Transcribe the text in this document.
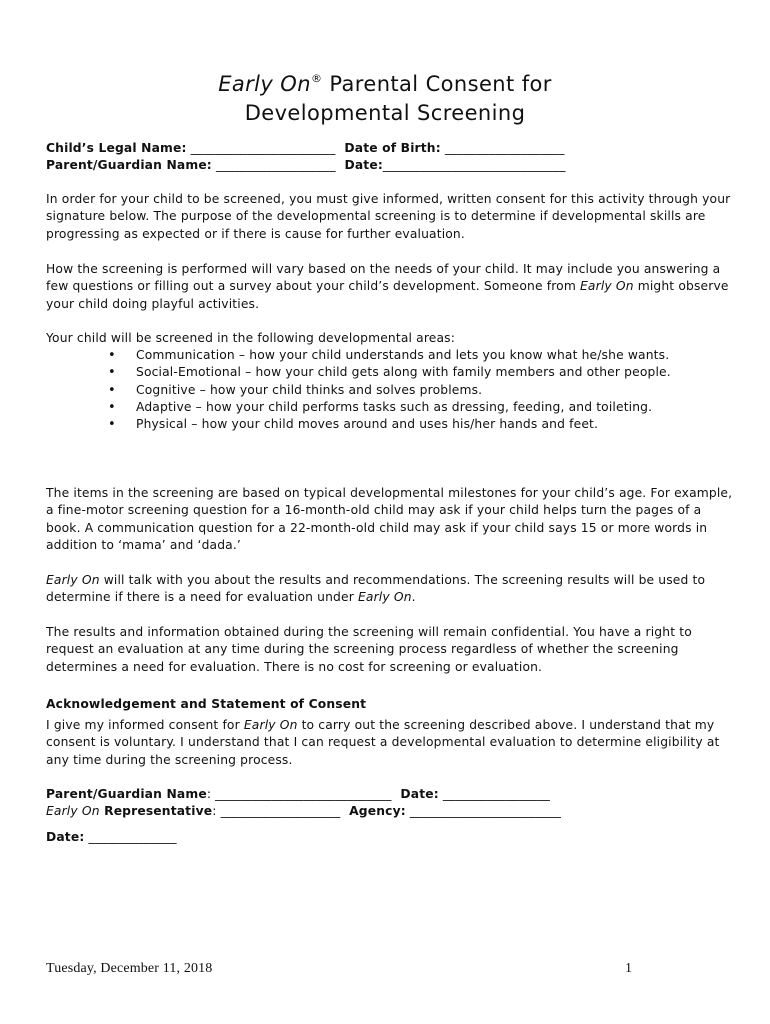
Early On® Parental Consent for
Developmental Screening
Child’s Legal Name: _______________________ Date of Birth: ___________________
Parent/Guardian Name: ___________________ Date:_____________________________

In order for your child to be screened, you must give informed, written consent for this activity through your signature below. The purpose of the developmental screening is to determine if developmental skills are progressing as expected or if there is cause for further evaluation.

How the screening is performed will vary based on the needs of your child. It may include you answering a few questions or filling out a survey about your child’s development. Someone from Early On might observe your child doing playful activities.

Your child will be screened in the following developmental areas:

• Communication – how your child understands and lets you know what he/she wants.
• Social-Emotional – how your child gets along with family members and other people.
• Cognitive – how your child thinks and solves problems.
• Adaptive – how your child performs tasks such as dressing, feeding, and toileting.
• Physical – how your child moves around and uses his/her hands and feet.

The items in the screening are based on typical developmental milestones for your child’s age. For example, a fine-motor screening question for a 16-month-old child may ask if your child helps turn the pages of a book. A communication question for a 22-month-old child may ask if your child says 15 or more words in addition to ‘mama’ and ‘dada.’

Early On will talk with you about the results and recommendations. The screening results will be used to determine if there is a need for evaluation under Early On.

The results and information obtained during the screening will remain confidential. You have a right to request an evaluation at any time during the screening process regardless of whether the screening determines a need for evaluation. There is no cost for screening or evaluation.

Acknowledgement and Statement of Consent

I give my informed consent for Early On to carry out the screening described above. I understand that my consent is voluntary. I understand that I can request a developmental evaluation to determine eligibility at any time during the screening process.

Parent/Guardian Name: ____________________________ Date: _________________
Early On Representative: ___________________ Agency: ________________________
Date: ______________
Tuesday, December 11, 2018	1
